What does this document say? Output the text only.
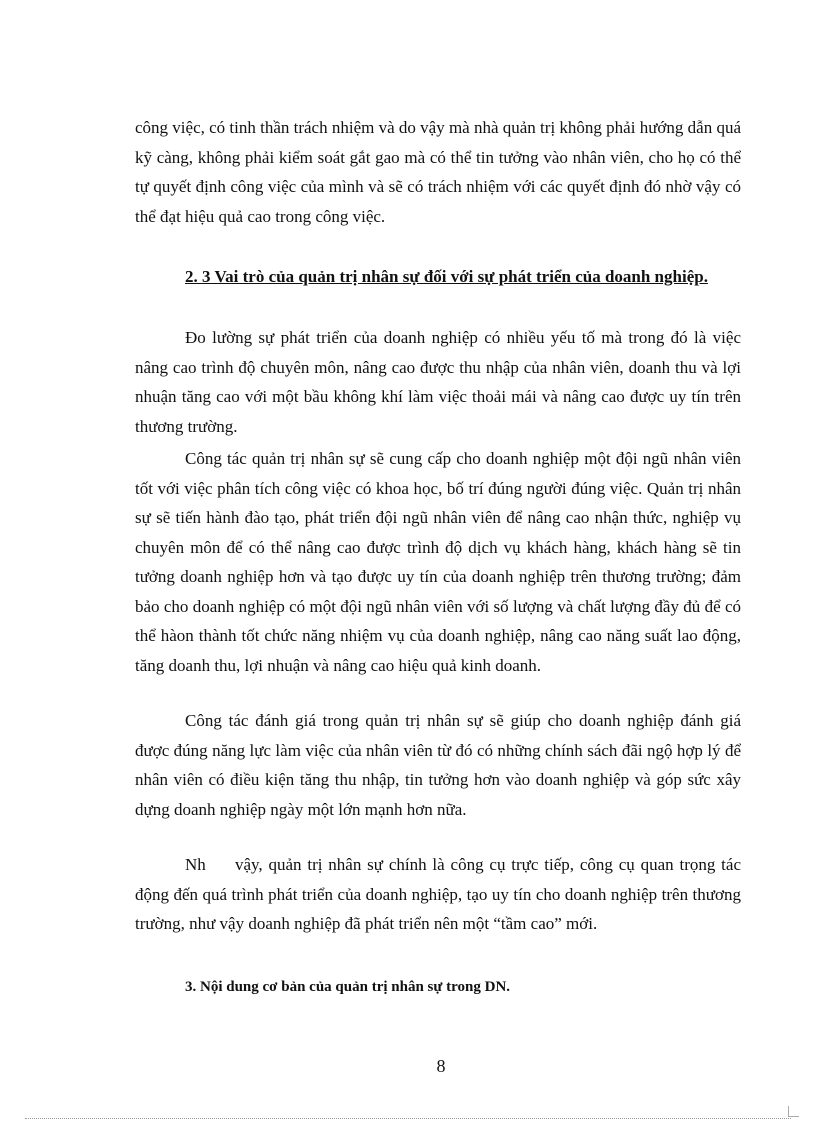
công việc, có tinh thần trách nhiệm và do vậy mà nhà quản trị không phải hướng dẫn quá kỹ càng, không phải kiểm soát gắt gao mà có thể tin tưởng vào nhân viên, cho họ có thể tự quyết định công việc của mình và sẽ có trách nhiệm với các quyết định đó nhờ vậy có thể đạt hiệu quả cao trong công việc.

2. 3 Vai trò của quản trị nhân sự đối với sự phát triển của doanh nghiệp.

Đo lường sự phát triển của doanh nghiệp có nhiều yếu tố mà trong đó là việc nâng cao trình độ chuyên môn, nâng cao được thu nhập của nhân viên, doanh thu và lợi nhuận tăng cao với một bầu không khí làm việc thoải mái và nâng cao được uy tín trên thương trường.

Công tác quản trị nhân sự sẽ cung cấp cho doanh nghiệp một đội ngũ nhân viên tốt với việc phân tích công việc có khoa học, bố trí đúng người đúng việc. Quản trị nhân sự sẽ tiến hành đào tạo, phát triển đội ngũ nhân viên để nâng cao nhận thức, nghiệp vụ chuyên môn để có thể nâng cao được trình độ dịch vụ khách hàng, khách hàng sẽ tin tưởng doanh nghiệp hơn và tạo được uy tín của doanh nghiệp trên thương trường; đảm bảo cho doanh nghiệp có một đội ngũ nhân viên với số lượng và chất lượng đầy đủ để có thể hàon thành tốt chức năng nhiệm vụ của doanh nghiệp, nâng cao năng suất lao động, tăng doanh thu, lợi nhuận và nâng cao hiệu quả kinh doanh.

Công tác đánh giá trong quản trị nhân sự sẽ giúp cho doanh nghiệp đánh giá được đúng năng lực làm việc của nhân viên từ đó có những chính sách đãi ngộ hợp lý để nhân viên có điều kiện tăng thu nhập, tin tưởng hơn vào doanh nghiệp và góp sức xây dựng doanh nghiệp ngày một lớn mạnh hơn nữa.

Nh     vậy, quản trị nhân sự chính là công cụ trực tiếp, công cụ quan trọng tác động đến quá trình phát triển của doanh nghiệp, tạo uy tín cho doanh nghiệp trên thương trường, như vậy doanh nghiệp đã phát triển nên một “tầm cao” mới.

3. Nội dung cơ bản của quản trị nhân sự trong DN.

8
